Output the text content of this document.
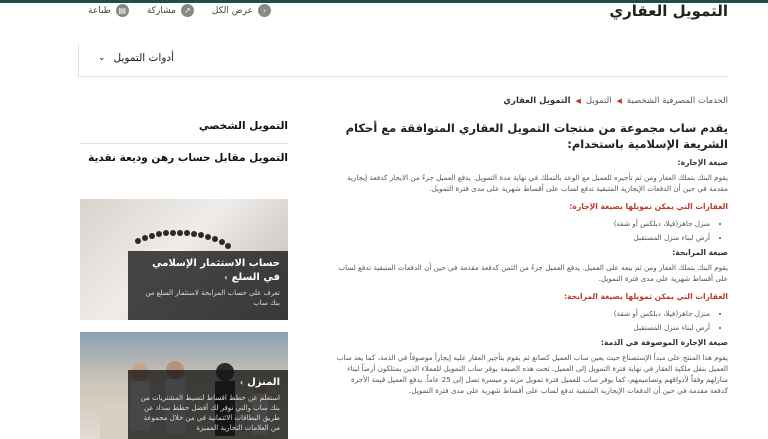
التمويل العقاري
‹
عرض الكل
↗
مشاركة
▤
طباعة
أدوات التمويل
⌄
الخدمات المصرفية الشخصية
◀
التمويل
◀
التمويل العقاري
يقدم ساب مجموعة من منتجات التمويل العقاري المتوافقة مع أحكام الشريعة الإسلامية باستخدام:
صيغة الإجارة:

يقوم البنك بتملك العقار ومن ثم تأجيره للعميل مع الوعد بالتملك في نهاية مدة التمويل. يدفع العميل جزءً من الايجار كدفعة إيجارية مقدمة في حين أن الدفعات الإيجارية المتبقية تدفع لساب على أقساط شهرية على مدى فترة التمويل.

العقارات التي يمكن تمويلها بصيغة الإجارة:
• منزل جاهز(فيلا، دبلكس أو شقة)
• أرض لبناء منزل المستقبل
صيغة المرابحة:

يقوم البنك بتملك العقار ومن ثم بيعه على العميل. يدفع العميل جزءً من الثمن كدفعة مقدمة في حين أن الدفعات المتبقية تدفع لساب على أقساط شهرية على مدى فترة التمويل.

العقارات التي يمكن تمويلها بصيغة المرابحة:
• منزل جاهز(فيلا، دبلكس أو شقة)
• أرض لبناء منزل المستقبل
صيغة الإجارة الموصوفة في الذمة:

يقوم هذا المنتج على مبدأ الإستصناع حيث يعين ساب العميل كصانع ثم يقوم بتأجير العقار عليه إيجاراً موصوفاً في الذمة، كما يعد ساب العميل بنقل ملكية العقار في نهاية فترة التمويل إلى العميل. تحت هذه الصيغة يوفر ساب التمويل للعملاء الذين يمتلكون أرضاً لبناء منازلهم وفقاً لأذواقهم وتصاميمهم، كما يوفر ساب للعميل فترة تمويل مرنة و ميسرة تصل إلى 25 عاماً. يدفع العميل قيمة الأجرة كدفعة مقدمة في حين أن الدفعات الإيجارية المتبقية تدفع لساب على أقساط شهرية على مدى فترة التمويل.

التمويل الشخصي
التمويل مقابل حساب رهن وديعة نقدية
حساب الاستثمار الإسلامي في السلع›
تعرف على حساب المرابحة لاستثمار السلع من بنك ساب
المنزل›
استعلم عن خطط اقساط لتسيط المشتريات من بنك ساب والتي توفر لك أفضل خطط سداد عن طريق البطاقات الائتمانية في من خلال مجموعة من العلامات التجارية المميزة
